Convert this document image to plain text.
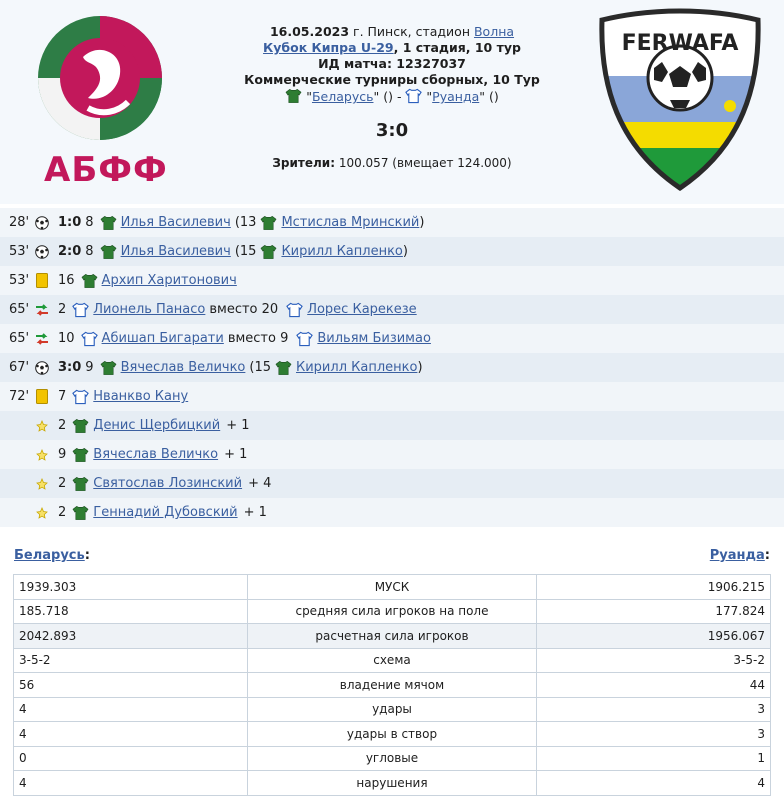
АБФФ
16.05.2023 г. Пинск, стадион Волна
Кубок Кипра U-29, 1 стадия, 10 тур
ИД матча: 12327037
Коммерческие турниры сборных, 10 Тур
"Беларусь" () -  "Руанда" ()
3:0
Зрители: 100.057 (вмещает 124.000)
FERWAFA
28' 1:0 8 Илья Василевич (13 Мстислав Мринский )
53' 2:0 8 Илья Василевич (15 Кирилл Капленко )
53' 16 Архип Харитонович
65' 2 Лионель Панасо вместо 20 Лорес Карекезе
65' 10 Абишап Бигарати вместо 9 Вильям Бизимао
67' 3:0 9 Вячеслав Величко (15 Кирилл Капленко )
72' 7 Нванкво Кану
2 Денис Щербицкий + 1
9 Вячеслав Величко + 1
2 Святослав Лозинский + 4
2 Геннадий Дубовский + 1
Беларусь:	Руанда:
1939.303	МУСК	1906.215
185.718	средняя сила игроков на поле	177.824
2042.893	расчетная сила игроков	1956.067
3-5-2	схема	3-5-2
56	владение мячом	44
4	удары	3
4	удары в створ	3
0	угловые	1
4	нарушения	4
